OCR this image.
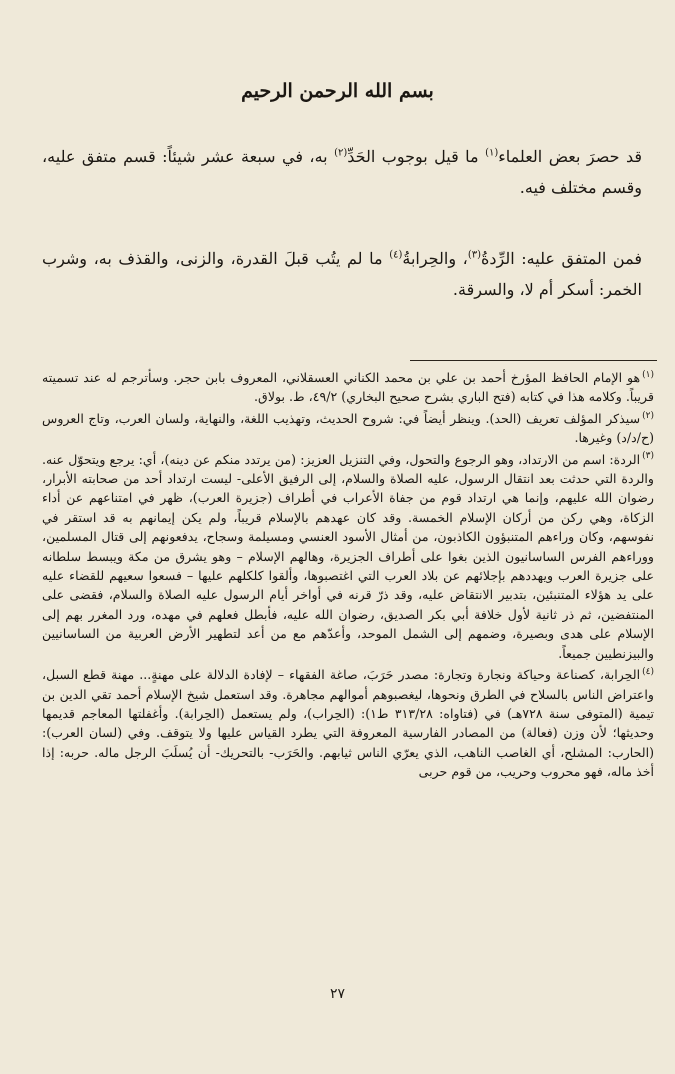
بسم الله الرحمن الرحيم
قد حصرَ بعض العلماء$^{(١)}$ ما قيل بوجوب الحَدِّ$^{(٢)}$ به، في سبعة عشر شيئاً: قسم متفق عليه، وقسم مختلف فيه.
فمن المتفق عليه: الرِّدةُ$^{(٣)}$، والحِرابةُ$^{(٤)}$ ما لم يتُب قبلَ القدرة، والزنى، والقذف به، وشرب الخمر: أسكر أم لا، والسرقة.
$^{(١)}$هو الإمام الحافظ المؤرخ أحمد بن علي بن محمد الكناني العسقلاني، المعروف بابن حجر. وسأترجم له عند تسميته قريباً. وكلامه هذا في كتابه (فتح الباري بشرح صحيح البخاري) ٤٩/٢، ط. بولاق.
$^{(٢)}$سيذكر المؤلف تعريف (الحد). وينظر أيضاً في: شروح الحديث، وتهذيب اللغة، والنهاية، ولسان العرب، وتاج العروس (ح/د/د) وغيرها.
$^{(٣)}$الردة: اسم من الارتداد، وهو الرجوع والتحول، وفي التنزيل العزيز: (من يرتدد منكم عن دينه)، أي: يرجع ويتحوّل عنه. والردة التي حدثت بعد انتقال الرسول، عليه الصلاة والسلام، إلى الرفيق الأعلى- ليست ارتداد أحد من صحابته الأبرار، رضوان الله عليهم، وإنما هي ارتداد قوم من جفاة الأعراب في أطراف (جزيرة العرب)، ظهر في امتناعهم عن أداء الزكاة، وهي ركن من أركان الإسلام الخمسة. وقد كان عهدهم بالإسلام قريباً، ولم يكن إيمانهم به قد استقر في نفوسهم، وكان وراءهم المتنبؤون الكاذبون، من أمثال الأسود العنسي ومسيلمة وسجاح، يدفعونهم إلى قتال المسلمين، ووراءهم الفرس الساسانيون الذين بغوا على أطراف الجزيرة، وهالهم الإسلام – وهو يشرق من مكة ويبسط سلطانه على جزيرة العرب ويهددهم بإجلائهم عن بلاد العرب التي اغتصبوها، وألقوا كلكلهم عليها – فسعوا سعيهم للقضاء عليه على يد هؤلاء المتنبئين، بتدبير الانتقاض عليه، وقد ذرّ قرنه في أواخر أيام الرسول عليه الصلاة والسلام، فقضى على المنتفضين، ثم ذر ثانية لأول خلافة أبي بكر الصديق، رضوان الله عليه، فأبطل فعلهم في مهده، ورد المغرر بهم إلى الإسلام على هدى وبصيرة، وضمهم إلى الشمل الموحد، وأعدّهم مع من أعد لتطهير الأرض العربية من الساسانيين والبيزنطيين جميعاً.
$^{(٤)}$الحِرابة، كصناعة وحياكة ونجارة وتجارة: مصدر حَرَبَ، صاغة الفقهاء – لإفادة الدلالة على مهنةٍ... مهنة قطع السبل، واعتراض الناس بالسلاح في الطرق ونحوها، ليغصبوهم أموالهم مجاهرة. وقد استعمل شيخ الإسلام أحمد تقي الدين بن تيمية (المتوفى سنة ٧٢٨هـ) في (فتاواه: ٣١٣/٢٨ ط١): (الحِراب)، ولم يستعمل (الحِرابة). وأغفلتها المعاجم قديمها وحديثها؛ لأن وزن (فعالة) من المصادر الفارسية المعروفة التي يطرد القياس عليها ولا يتوقف. وفي (لسان العرب): (الحارب: المشلح، أي الغاصب الناهب، الذي يعرّي الناس ثيابهم. والحَرَب- بالتحريك- أن يُسلَبَ الرجل ماله. حربه: إذا أخذ ماله، فهو محروب وحريب، من قوم حربى
٢٧
